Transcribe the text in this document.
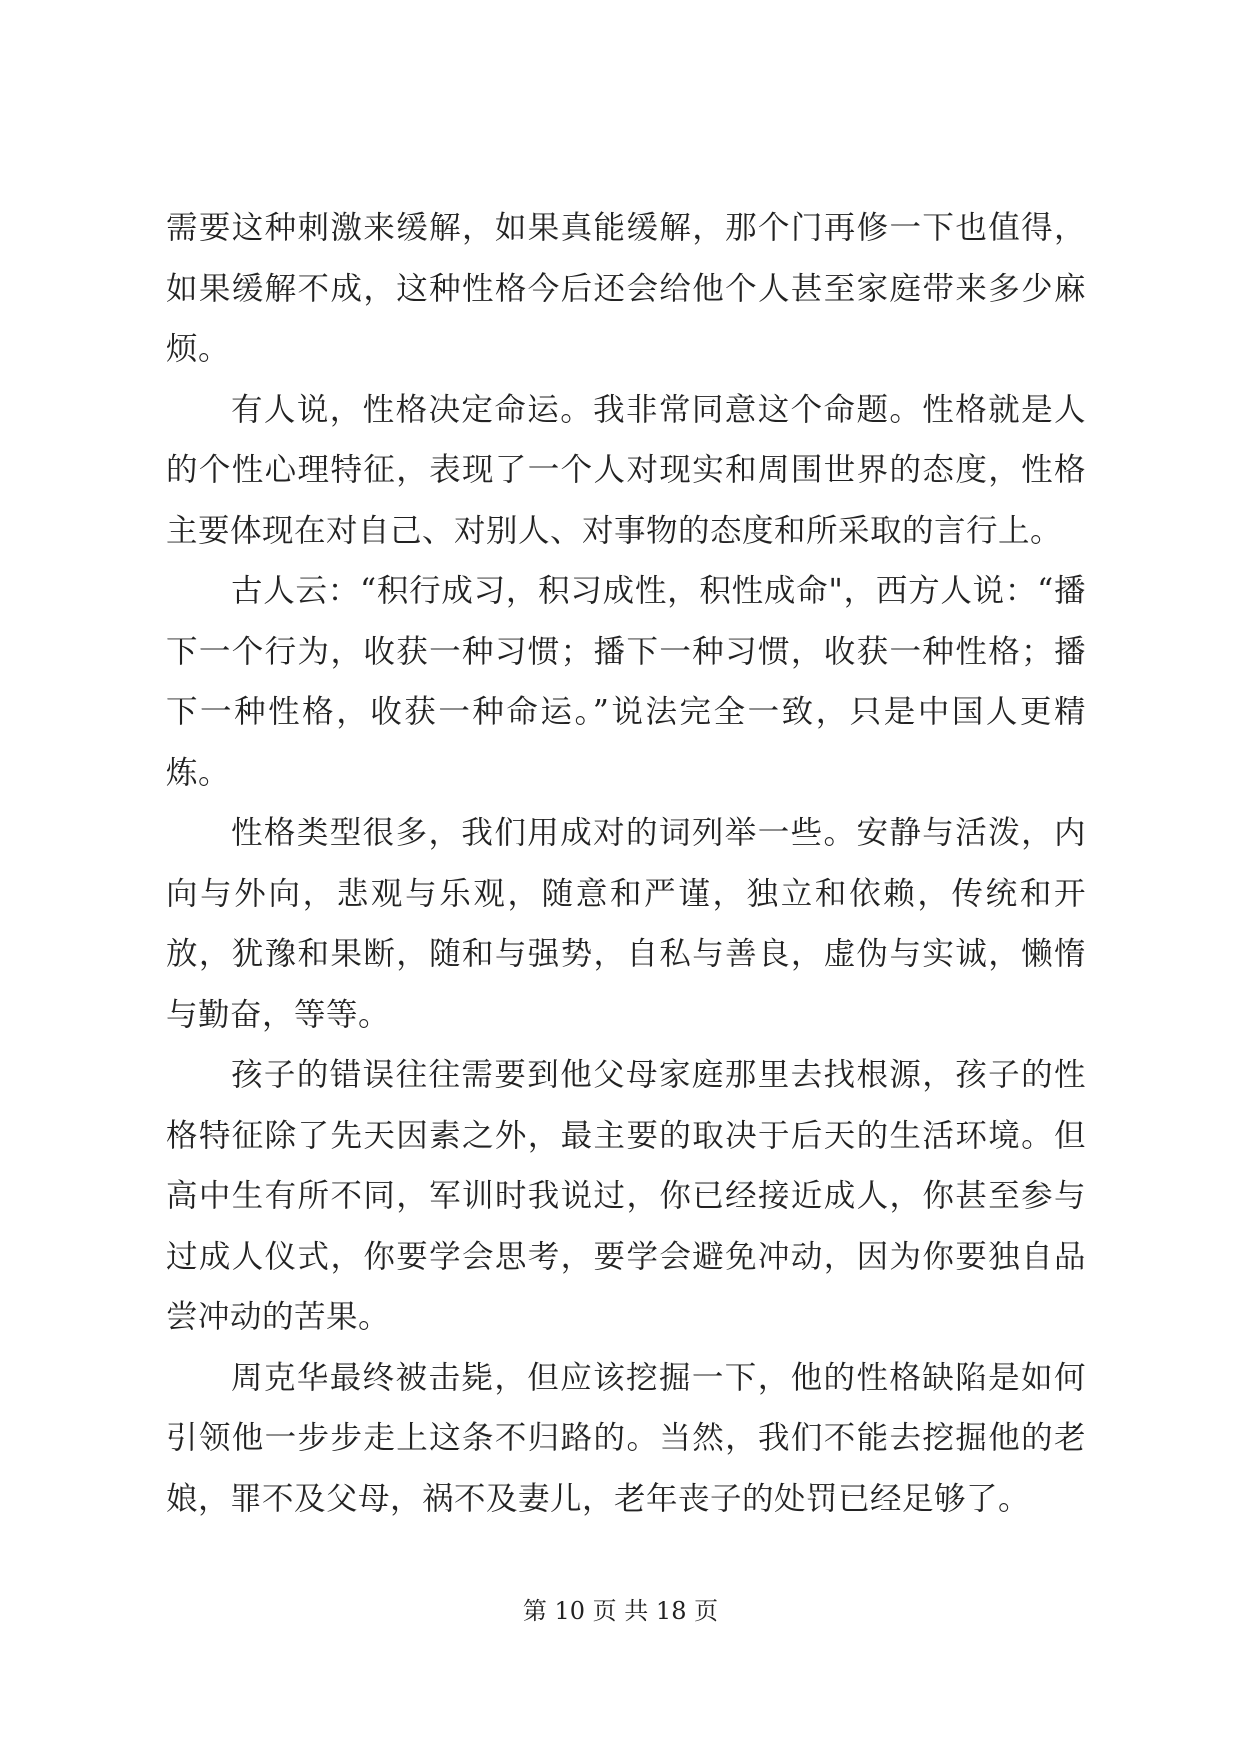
需要这种刺激来缓解，如果真能缓解，那个门再修一下也值得，如果缓解不成，这种性格今后还会给他个人甚至家庭带来多少麻烦。

有人说，性格决定命运。我非常同意这个命题。性格就是人的个性心理特征，表现了一个人对现实和周围世界的态度，性格主要体现在对自己、对别人、对事物的态度和所采取的言行上。

古人云：“积行成习，积习成性，积性成命"，西方人说：“播下一个行为，收获一种习惯；播下一种习惯，收获一种性格；播下一种性格，收获一种命运。”说法完全一致，只是中国人更精炼。

性格类型很多，我们用成对的词列举一些。安静与活泼，内向与外向，悲观与乐观，随意和严谨，独立和依赖，传统和开放，犹豫和果断，随和与强势，自私与善良，虚伪与实诚，懒惰与勤奋，等等。

孩子的错误往往需要到他父母家庭那里去找根源，孩子的性格特征除了先天因素之外，最主要的取决于后天的生活环境。但高中生有所不同，军训时我说过，你已经接近成人，你甚至参与过成人仪式，你要学会思考，要学会避免冲动，因为你要独自品尝冲动的苦果。

周克华最终被击毙，但应该挖掘一下，他的性格缺陷是如何引领他一步步走上这条不归路的。当然，我们不能去挖掘他的老娘，罪不及父母，祸不及妻儿，老年丧子的处罚已经足够了。

第 10 页 共 18 页
